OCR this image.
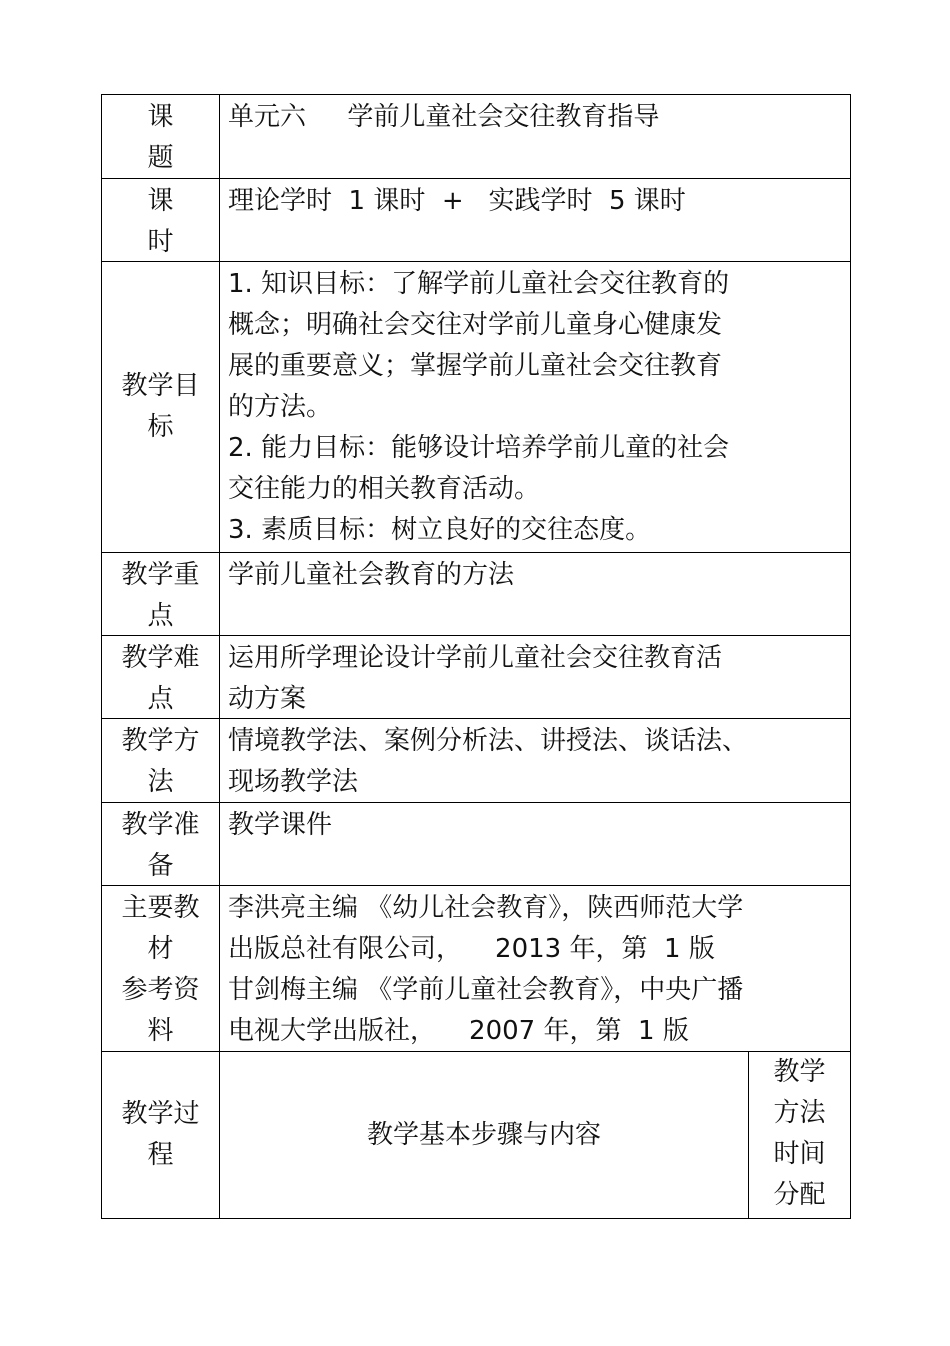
课
题
单元六     学前儿童社会交往教育指导
课
时
理论学时  1 课时  +   实践学时  5 课时
教学目
标
1. 知识目标：了解学前儿童社会交往教育的
概念；明确社会交往对学前儿童身心健康发
展的重要意义；掌握学前儿童社会交往教育
的方法。
2. 能力目标：能够设计培养学前儿童的社会
交往能力的相关教育活动。
3. 素质目标：树立良好的交往态度。
教学重
点
学前儿童社会教育的方法
教学难
点
运用所学理论设计学前儿童社会交往教育活
动方案
教学方
法
情境教学法、案例分析法、讲授法、谈话法、
现场教学法
教学准
备
教学课件
主要教
材
参考资
料
李洪亮主编 《幼儿社会教育》，陕西师范大学
出版总社有限公司，    2013 年，第  1 版
甘剑梅主编 《学前儿童社会教育》，中央广播
电视大学出版社，    2007 年，第  1 版
教学过
程
教学基本步骤与内容
教学
方法
时间
分配
